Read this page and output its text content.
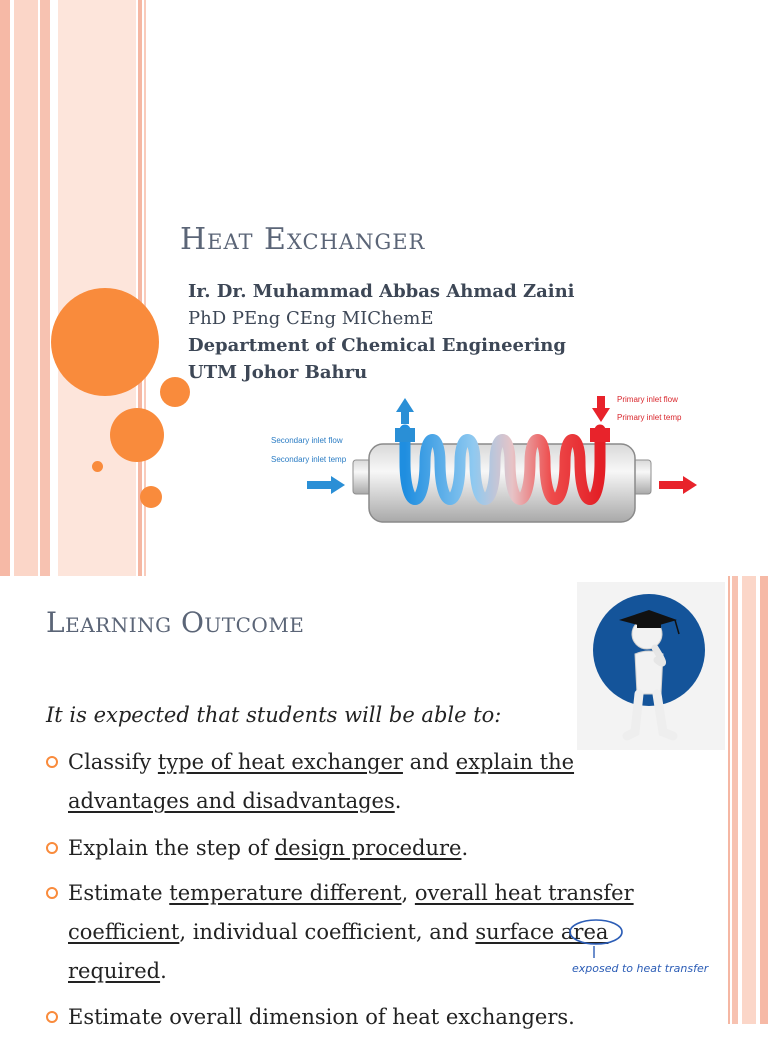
Heat Exchanger
Ir. Dr. Muhammad Abbas Ahmad Zaini
PhD PEng CEng MIChemE
Department of Chemical Engineering
UTM Johor Bahru
Primary inlet flow
Primary inlet temp
Secondary inlet flow
Secondary inlet temp
Learning Outcome
It is expected that students will be able to:
Classify type of heat exchanger and explain the
advantages and disadvantages.
Explain the step of design procedure.
Estimate temperature different, overall heat transfer
coefficient, individual coefficient, and surface area
required.
Estimate overall dimension of heat exchangers.
exposed to heat transfer
